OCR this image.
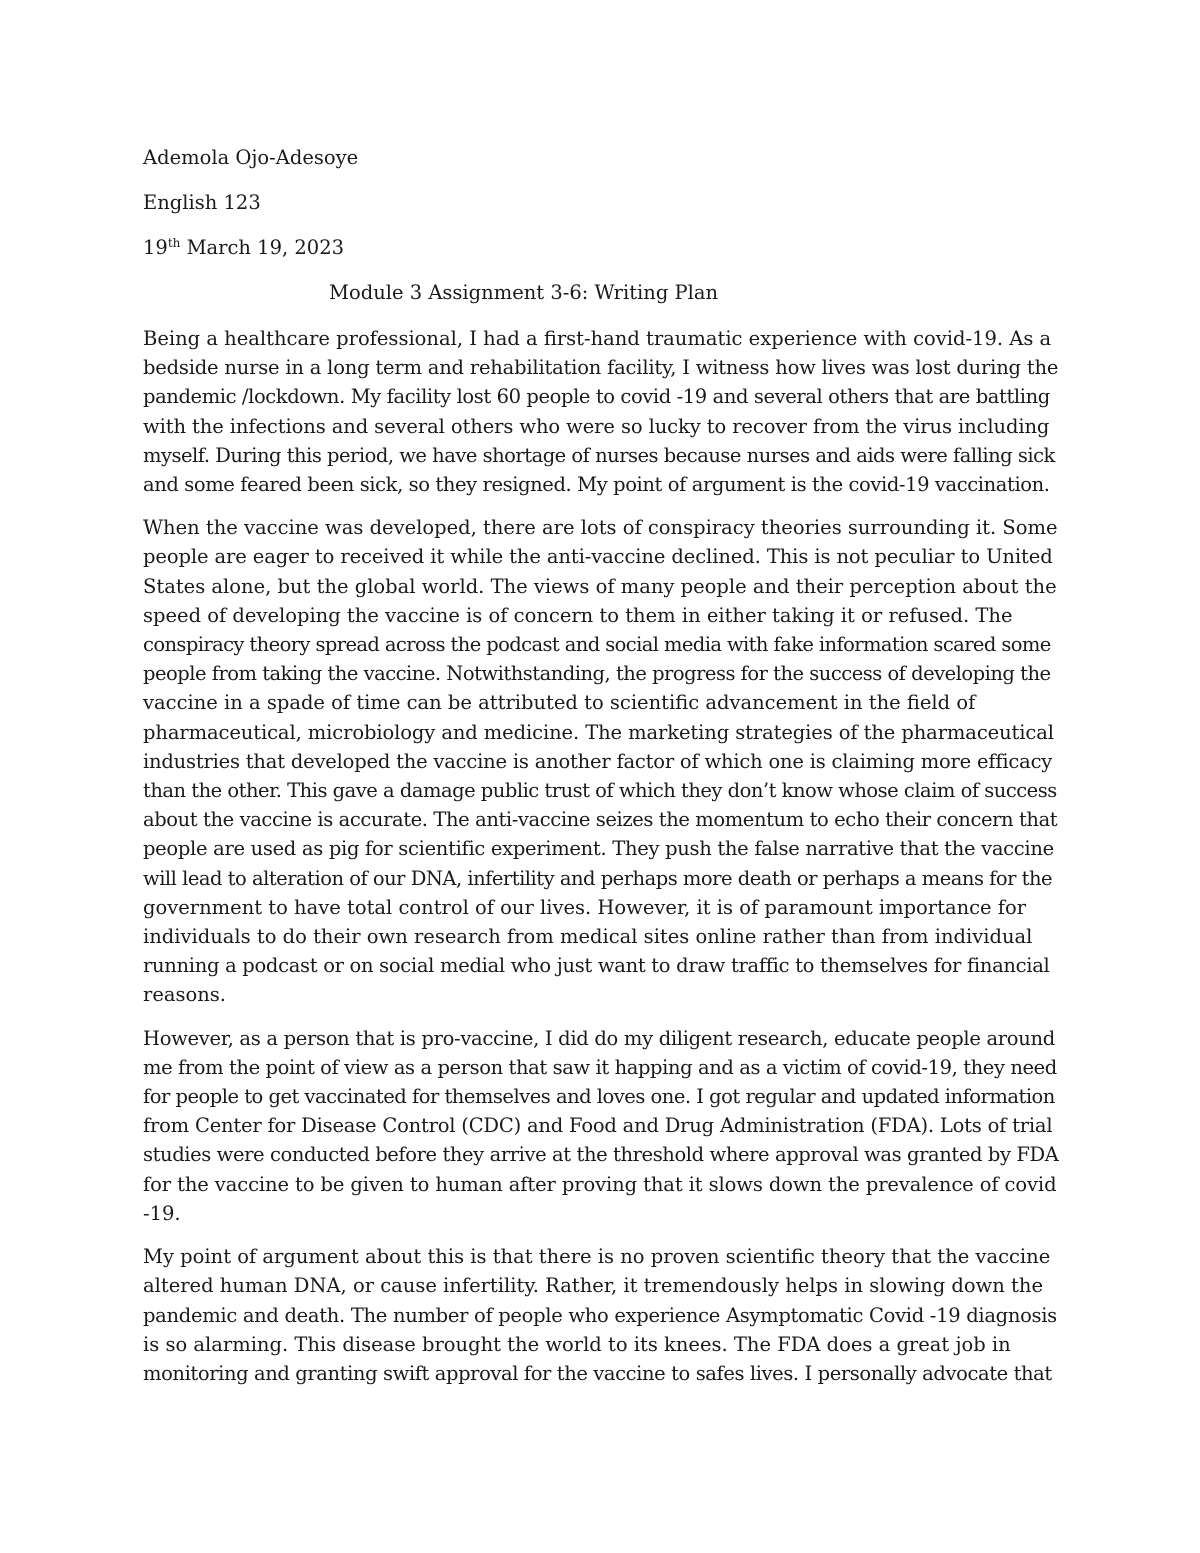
Ademola Ojo-Adesoye
English 123
19th March 19, 2023
Module 3 Assignment 3-6: Writing Plan
Being a healthcare professional, I had a first-hand traumatic experience with covid-19. As a
bedside nurse in a long term and rehabilitation facility, I witness how lives was lost during the
pandemic /lockdown. My facility lost 60 people to covid -19 and several others that are battling
with the infections and several others who were so lucky to recover from the virus including
myself. During this period, we have shortage of nurses because nurses and aids were falling sick
and some feared been sick, so they resigned. My point of argument is the covid-19 vaccination.
When the vaccine was developed, there are lots of conspiracy theories surrounding it. Some
people are eager to received it while the anti-vaccine declined. This is not peculiar to United
States alone, but the global world. The views of many people and their perception about the
speed of developing the vaccine is of concern to them in either taking it or refused. The
conspiracy theory spread across the podcast and social media with fake information scared some
people from taking the vaccine. Notwithstanding, the progress for the success of developing the
vaccine in a spade of time can be attributed to scientific advancement in the field of
pharmaceutical, microbiology and medicine. The marketing strategies of the pharmaceutical
industries that developed the vaccine is another factor of which one is claiming more efficacy
than the other. This gave a damage public trust of which they don’t know whose claim of success
about the vaccine is accurate. The anti-vaccine seizes the momentum to echo their concern that
people are used as pig for scientific experiment. They push the false narrative that the vaccine
will lead to alteration of our DNA, infertility and perhaps more death or perhaps a means for the
government to have total control of our lives. However, it is of paramount importance for
individuals to do their own research from medical sites online rather than from individual
running a podcast or on social medial who just want to draw traffic to themselves for financial
reasons.
However, as a person that is pro-vaccine, I did do my diligent research, educate people around
me from the point of view as a person that saw it happing and as a victim of covid-19, they need
for people to get vaccinated for themselves and loves one. I got regular and updated information
from Center for Disease Control (CDC) and Food and Drug Administration (FDA). Lots of trial
studies were conducted before they arrive at the threshold where approval was granted by FDA
for the vaccine to be given to human after proving that it slows down the prevalence of covid
-19.
My point of argument about this is that there is no proven scientific theory that the vaccine
altered human DNA, or cause infertility. Rather, it tremendously helps in slowing down the
pandemic and death. The number of people who experience Asymptomatic Covid -19 diagnosis
is so alarming. This disease brought the world to its knees. The FDA does a great job in
monitoring and granting swift approval for the vaccine to safes lives. I personally advocate that
